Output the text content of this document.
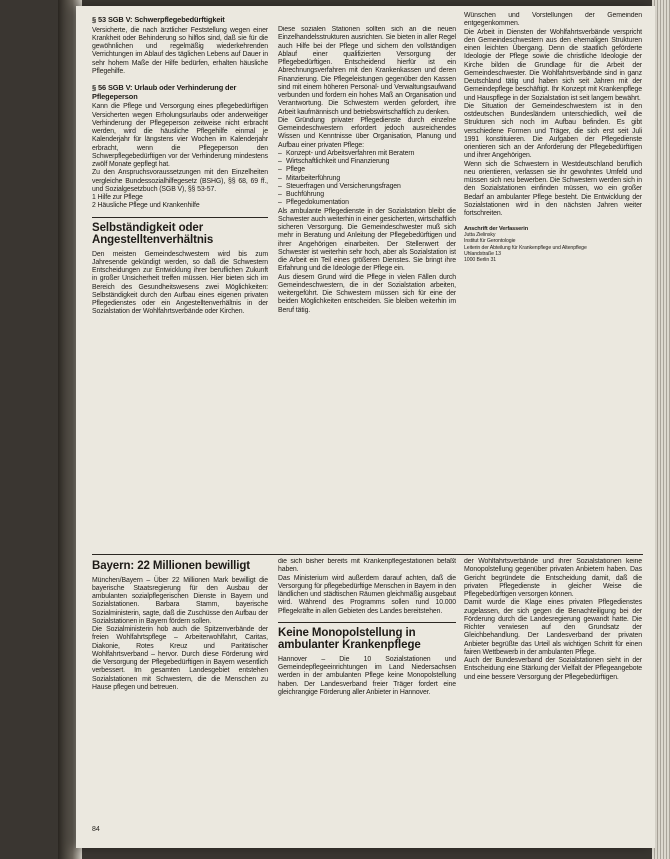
§ 53 SGB V: Schwerpflegebedürftigkeit

Versicherte, die nach ärztlicher Feststellung wegen einer Krankheit oder Behinderung so hilflos sind, daß sie für die gewöhnlichen und regelmäßig wiederkehrenden Verrichtungen im Ablauf des täglichen Lebens auf Dauer in sehr hohem Maße der Hilfe bedürfen, erhalten häusliche Pflegehilfe.

§ 56 SGB V: Urlaub oder Verhinderung der Pflegeperson

Kann die Pflege und Versorgung eines pflegebedürftigen Versicherten wegen Erholungsurlaubs oder anderweitiger Verhinderung der Pflegeperson zeitweise nicht erbracht werden, wird die häusliche Pflegehilfe einmal je Kalenderjahr für längstens vier Wochen im Kalenderjahr erbracht, wenn die Pflegeperson den Schwerpflegebedürftigen vor der Verhinderung mindestens zwölf Monate gepflegt hat.

Zu den Anspruchsvoraussetzungen mit den Einzelheiten vergleiche Bundessozialhilfegesetz (BSHG), §§ 68, 69 ff., und Sozialgesetzbuch (SGB V), §§ 53-57.

1 Hilfe zur Pflege

2 Häusliche Pflege und Krankenhilfe

Selbständigkeit oder Angestelltenverhältnis

Den meisten Gemeindeschwestern wird bis zum Jahresende gekündigt werden, so daß die Schwestern Entscheidungen zur Entwicklung ihrer beruflichen Zukunft in großer Unsicherheit treffen müssen. Hier bieten sich im Bereich des Gesundheitswesens zwei Möglichkeiten: Selbständigkeit durch den Aufbau eines eigenen privaten Pflegedienstes oder ein Angestelltenverhältnis in der Sozialstation der Wohlfahrtsverbände oder Kirchen.

Diese sozialen Stationen sollten sich an die neuen Einzelhandelsstrukturen ausrichten. Sie bieten in aller Regel auch Hilfe bei der Pflege und sichern den vollständigen Ablauf einer qualifizierten Versorgung der Pflegebedürftigen. Entscheidend hierfür ist ein Abrechnungsverfahren mit den Krankenkassen und deren Finanzierung. Die Pflegeleistungen gegenüber den Kassen sind mit einem höheren Personal- und Verwaltungsaufwand verbunden und fordern ein hohes Maß an Organisation und Verantwortung. Die Schwestern werden gefordert, ihre Arbeit kaufmännisch und betriebswirtschaftlich zu denken.

Die Gründung privater Pflegedienste durch einzelne Gemeindeschwestern erfordert jedoch ausreichendes Wissen und Kenntnisse über Organisation, Planung und Aufbau einer privaten Pflege:

– Konzept- und Arbeitsverfahren mit Beratern
– Wirtschaftlichkeit und Finanzierung
– Pflege
– Mitarbeiterführung
– Steuerfragen und Versicherungsfragen
– Buchführung
– Pflegedokumentation

Als ambulante Pflegedienste in der Sozialstation bleibt die Schwester auch weiterhin in einer gesicherten, wirtschaftlich sicheren Versorgung. Die Gemeindeschwester muß sich mehr in Beratung und Anleitung der Pflegebedürftigen und ihrer Angehörigen einarbeiten. Der Stellenwert der Schwester ist weiterhin sehr hoch, aber als Sozialstation ist die Arbeit ein Teil eines größeren Dienstes. Sie bringt ihre Erfahrung und die Ideologie der Pflege ein.

Aus diesem Grund wird die Pflege in vielen Fällen durch Gemeindeschwestern, die in der Sozialstation arbeiten, weitergeführt. Die Schwestern müssen sich für eine der beiden Möglichkeiten entscheiden. Sie bleiben weiterhin im Beruf tätig.

Wünschen und Vorstellungen der Gemeinden entgegenkommen.

Die Arbeit in Diensten der Wohlfahrtsverbände verspricht den Gemeindeschwestern aus den ehemaligen Strukturen einen leichten Übergang. Denn die staatlich geförderte Ideologie der Pflege sowie die christliche Ideologie der Kirche bilden die Grundlage für die Arbeit der Gemeindeschwester. Die Wohlfahrtsverbände sind in ganz Deutschland tätig und haben sich seit Jahren mit der Gemeindepflege beschäftigt. Ihr Konzept mit Krankenpflege und Hauspflege in der Sozialstation ist seit langem bewährt.

Die Situation der Gemeindeschwestern ist in den ostdeutschen Bundesländern unterschiedlich, weil die Strukturen sich noch im Aufbau befinden. Es gibt verschiedene Formen und Träger, die sich erst seit Juli 1991 konstituieren. Die Aufgaben der Pflegedienste orientieren sich an der Anforderung der Pflegebedürftigen und ihrer Angehörigen.

Wenn sich die Schwestern in Westdeutschland beruflich neu orientieren, verlassen sie ihr gewohntes Umfeld und müssen sich neu bewerben. Die Schwestern werden sich in den Sozialstationen einfinden müssen, wo ein großer Bedarf an ambulanter Pflege besteht. Die Entwicklung der Sozialstationen wird in den nächsten Jahren weiter fortschreiten.

Anschrift der Verfasserin
Jutta Zielinsky
Institut für Gerontologie
Leiterin der Abteilung für Krankenpflege und Altenpflege
Uhlandstraße 13
1000 Berlin 31
Bayern: 22 Millionen bewilligt

München/Bayern – Über 22 Millionen Mark bewilligt die bayerische Staatsregierung für den Ausbau der ambulanten sozialpflegerischen Dienste in Bayern und Sozialstationen. Barbara Stamm, bayerische Sozialministerin, sagte, daß die Zuschüsse den Aufbau der Sozialstationen in Bayern fördern sollen.

Die Sozialministerin hob auch die Spitzenverbände der freien Wohlfahrtspflege – Arbeiterwohlfahrt, Caritas, Diakonie, Rotes Kreuz und Paritätischer Wohlfahrtsverband – hervor. Durch diese Förderung wird die Versorgung der Pflegebedürftigen in Bayern wesentlich verbessert. Im gesamten Landesgebiet entstehen Sozialstationen mit Schwestern, die die Menschen zu Hause pflegen und betreuen.

die sich bisher bereits mit Krankenpflegestationen befaßt haben.

Das Ministerium wird außerdem darauf achten, daß die Versorgung für pflegebedürftige Menschen in Bayern in den ländlichen und städtischen Räumen gleichmäßig ausgebaut wird. Während des Programms sollen rund 10.000 Pflegekräfte in allen Gebieten des Landes bereitstehen.

Keine Monopolstellung in ambulanter Krankenpflege

Hannover – Die 10 Sozialstationen und Gemeindepflegeeinrichtungen im Land Niedersachsen werden in der ambulanten Pflege keine Monopolstellung haben. Der Landesverband freier Träger fordert eine gleichrangige Förderung aller Anbieter in Hannover.

der Wohlfahrtsverbände und ihrer Sozialstationen keine Monopolstellung gegenüber privaten Anbietern haben. Das Gericht begründete die Entscheidung damit, daß die privaten Pflegedienste in gleicher Weise die Pflegebedürftigen versorgen können.

Damit wurde die Klage eines privaten Pflegedienstes zugelassen, der sich gegen die Benachteiligung bei der Förderung durch die Landesregierung gewandt hatte. Die Richter verwiesen auf den Grundsatz der Gleichbehandlung. Der Landesverband der privaten Anbieter begrüßte das Urteil als wichtigen Schritt für einen fairen Wettbewerb in der ambulanten Pflege.

Auch der Bundesverband der Sozialstationen sieht in der Entscheidung eine Stärkung der Vielfalt der Pflegeangebote und eine bessere Versorgung der Pflegebedürftigen.

84
